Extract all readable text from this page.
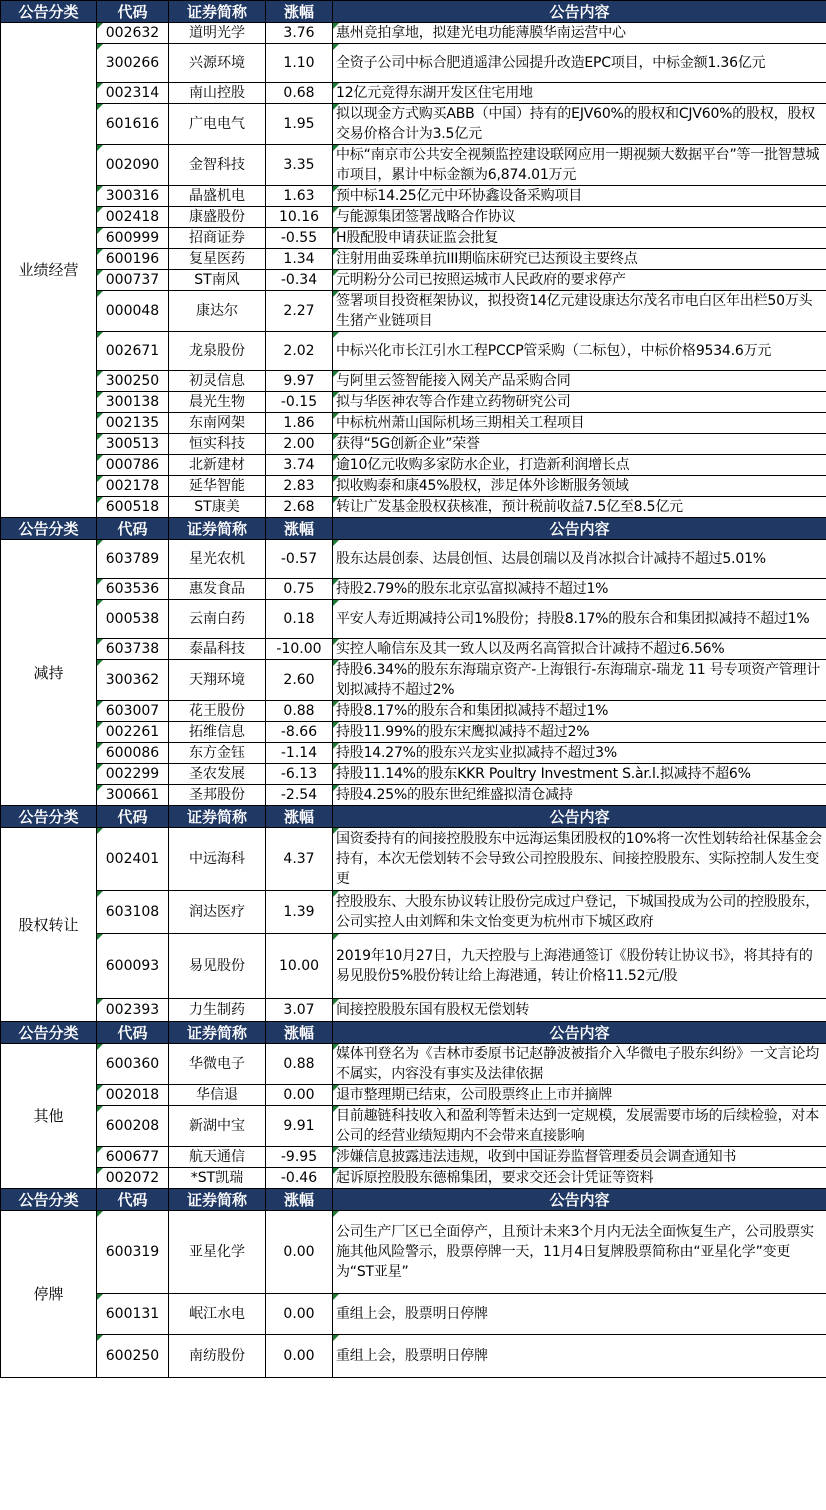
公告分类	代码	证券简称	涨幅	公告内容
业绩经营	002632	道明光学	3.76	惠州竞拍拿地，拟建光电功能薄膜华南运营中心
	300266	兴源环境	1.10	全资子公司中标合肥逍遥津公园提升改造EPC项目，中标金额1.36亿元
	002314	南山控股	0.68	12亿元竞得东湖开发区住宅用地
	601616	广电电气	1.95	拟以现金方式购买ABB（中国）持有的EJV60%的股权和CJV60%的股权，股权交易价格合计为3.5亿元
	002090	金智科技	3.35	中标“南京市公共安全视频监控建设联网应用一期视频大数据平台”等一批智慧城市项目，累计中标金额为6,874.01万元
	300316	晶盛机电	1.63	预中标14.25亿元中环协鑫设备采购项目
	002418	康盛股份	10.16	与能源集团签署战略合作协议
	600999	招商证券	-0.55	H股配股申请获证监会批复
	600196	复星医药	1.34	注射用曲妥珠单抗III期临床研究已达预设主要终点
	000737	ST南风	-0.34	元明粉分公司已按照运城市人民政府的要求停产
	000048	康达尔	2.27	签署项目投资框架协议，拟投资14亿元建设康达尔茂名市电白区年出栏50万头生猪产业链项目
	002671	龙泉股份	2.02	中标兴化市长江引水工程PCCP管采购（二标包），中标价格9534.6万元
	300250	初灵信息	9.97	与阿里云签智能接入网关产品采购合同
	300138	晨光生物	-0.15	拟与华医神农等合作建立药物研究公司
	002135	东南网架	1.86	中标杭州萧山国际机场三期相关工程项目
	300513	恒实科技	2.00	获得“5G创新企业”荣誉
	000786	北新建材	3.74	逾10亿元收购多家防水企业，打造新利润增长点
	002178	延华智能	2.83	拟收购泰和康45%股权，涉足体外诊断服务领域
	600518	ST康美	2.68	转让广发基金股权获核准，预计税前收益7.5亿至8.5亿元
公告分类	代码	证券简称	涨幅	公告内容
减持	603789	星光农机	-0.57	股东达晨创泰、达晨创恒、达晨创瑞以及肖冰拟合计减持不超过5.01%
	603536	惠发食品	0.75	持股2.79%的股东北京弘富拟减持不超过1%
	000538	云南白药	0.18	平安人寿近期减持公司1%股份；持股8.17%的股东合和集团拟减持不超过1%
	603738	泰晶科技	-10.00	实控人喻信东及其一致人以及两名高管拟合计减持不超过6.56%
	300362	天翔环境	2.60	持股6.34%的股东东海瑞京资产-上海银行-东海瑞京-瑞龙 11 号专项资产管理计划拟减持不超过2%
	603007	花王股份	0.88	持股8.17%的股东合和集团拟减持不超过1%
	002261	拓维信息	-8.66	持股11.99%的股东宋鹰拟减持不超过2%
	600086	东方金钰	-1.14	持股14.27%的股东兴龙实业拟减持不超过3%
	002299	圣农发展	-6.13	持股11.14%的股东KKR Poultry Investment S.àr.l.拟减持不超6%
	300661	圣邦股份	-2.54	持股4.25%的股东世纪维盛拟清仓减持
公告分类	代码	证券简称	涨幅	公告内容
股权转让	002401	中远海科	4.37	国资委持有的间接控股股东中远海运集团股权的10%将一次性划转给社保基金会持有，本次无偿划转不会导致公司控股股东、间接控股股东、实际控制人发生变更
	603108	润达医疗	1.39	控股股东、大股东协议转让股份完成过户登记，下城国投成为公司的控股股东，公司实控人由刘辉和朱文怡变更为杭州市下城区政府
	600093	易见股份	10.00	2019年10月27日，九天控股与上海港通签订《股份转让协议书》，将其持有的易见股份5%股份转让给上海港通，转让价格11.52元/股
	002393	力生制药	3.07	间接控股股东国有股权无偿划转
公告分类	代码	证券简称	涨幅	公告内容
其他	600360	华微电子	0.88	媒体刊登名为《吉林市委原书记赵静波被指介入华微电子股东纠纷》一文言论均不属实，内容没有事实及法律依据
	002018	华信退	0.00	退市整理期已结束，公司股票终止上市并摘牌
	600208	新湖中宝	9.91	目前趣链科技收入和盈利等暂未达到一定规模，发展需要市场的后续检验，对本公司的经营业绩短期内不会带来直接影响
	600677	航天通信	-9.95	涉嫌信息披露违法违规，收到中国证券监督管理委员会调查通知书
	002072	*ST凯瑞	-0.46	起诉原控股股东德棉集团，要求交还会计凭证等资料
公告分类	代码	证券简称	涨幅	公告内容
停牌	600319	亚星化学	0.00	公司生产厂区已全面停产，且预计未来3个月内无法全面恢复生产，公司股票实施其他风险警示，股票停牌一天，11月4日复牌股票简称由“亚星化学”变更为“ST亚星”
	600131	岷江水电	0.00	重组上会，股票明日停牌
	600250	南纺股份	0.00	重组上会，股票明日停牌
